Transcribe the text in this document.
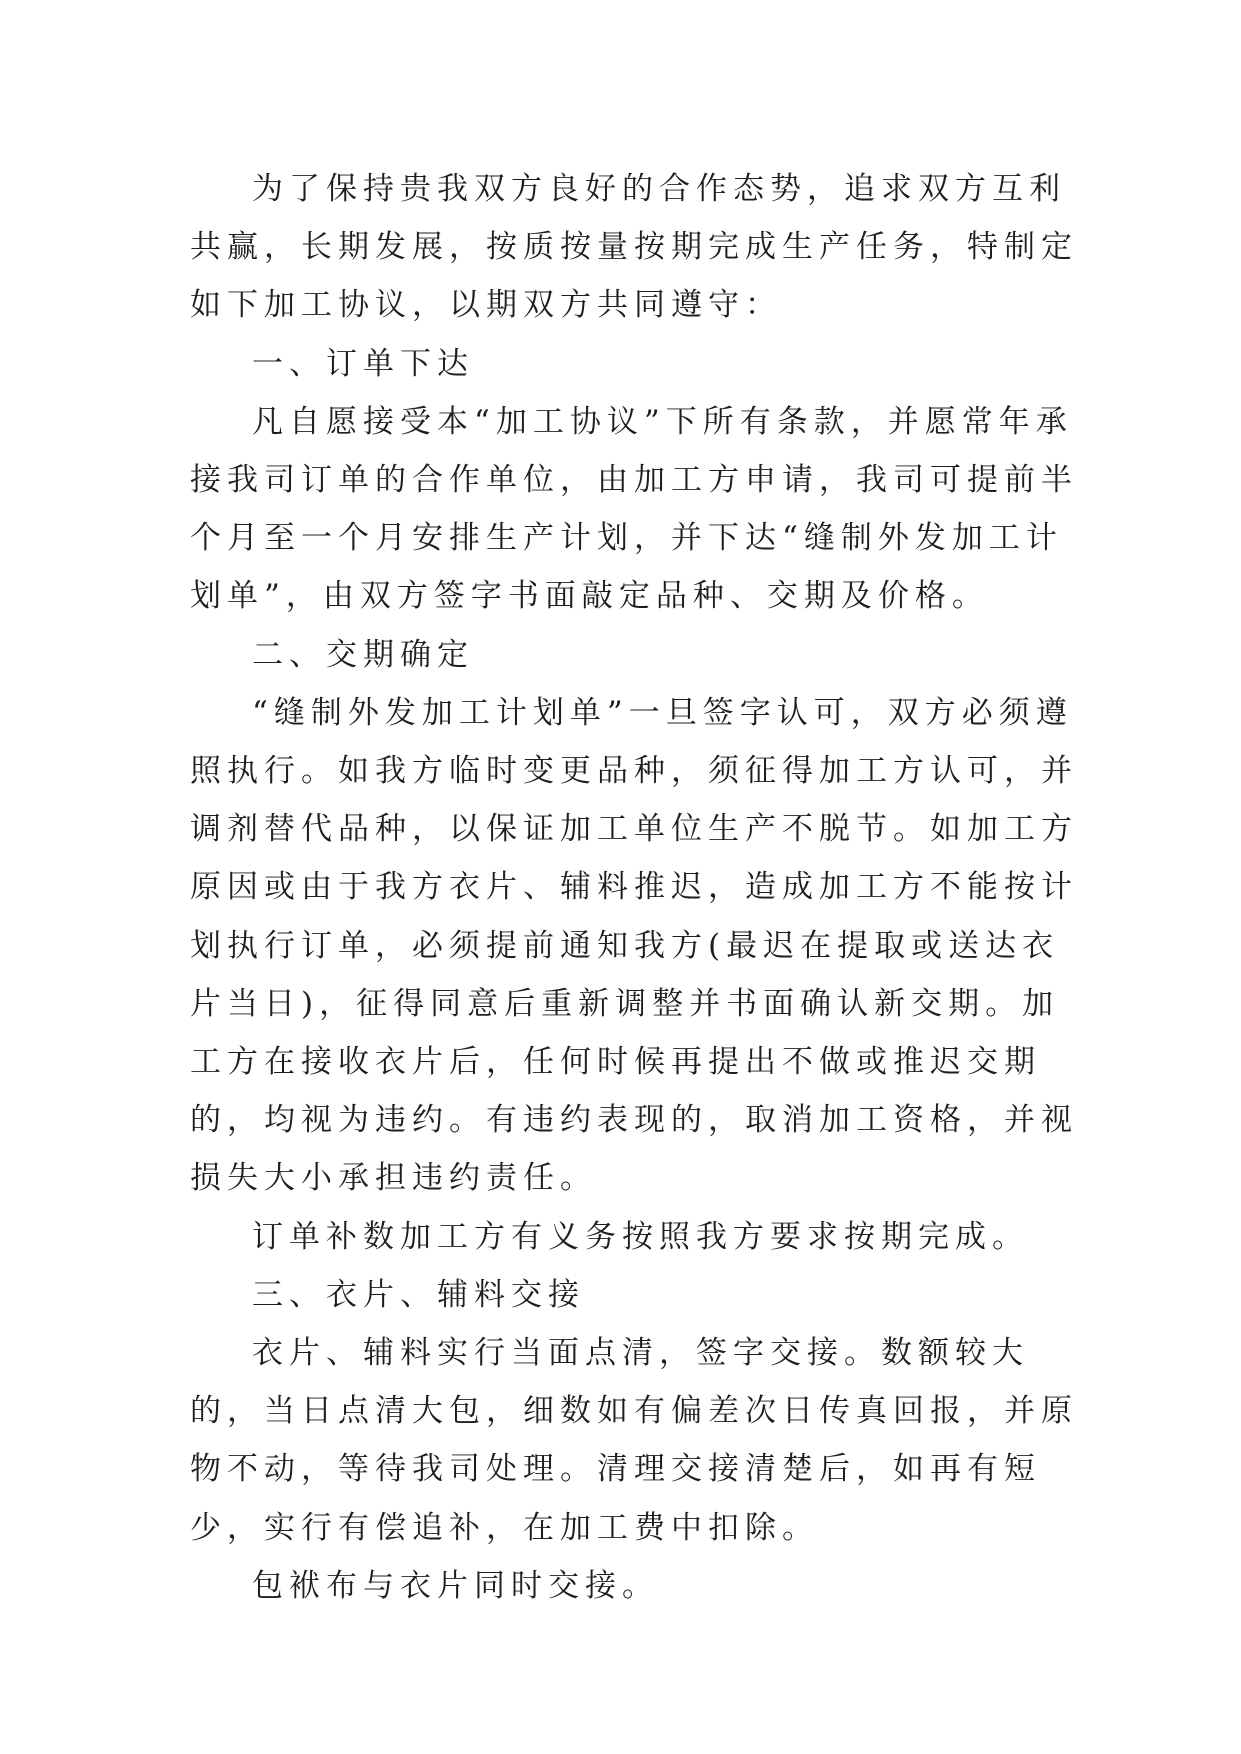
为了保持贵我双方良好的合作态势，追求双方互利共赢，长期发展，按质按量按期完成生产任务，特制定如下加工协议，以期双方共同遵守：

一、订单下达

凡自愿接受本“加工协议”下所有条款，并愿常年承接我司订单的合作单位，由加工方申请，我司可提前半个月至一个月安排生产计划，并下达“缝制外发加工计划单”，由双方签字书面敲定品种、交期及价格。

二、交期确定

“缝制外发加工计划单”一旦签字认可，双方必须遵照执行。如我方临时变更品种，须征得加工方认可，并调剂替代品种，以保证加工单位生产不脱节。如加工方原因或由于我方衣片、辅料推迟，造成加工方不能按计划执行订单，必须提前通知我方(最迟在提取或送达衣片当日)，征得同意后重新调整并书面确认新交期。加工方在接收衣片后，任何时候再提出不做或推迟交期的，均视为违约。有违约表现的，取消加工资格，并视损失大小承担违约责任。

订单补数加工方有义务按照我方要求按期完成。

三、衣片、辅料交接

衣片、辅料实行当面点清，签字交接。数额较大的，当日点清大包，细数如有偏差次日传真回报，并原物不动，等待我司处理。清理交接清楚后，如再有短少，实行有偿追补，在加工费中扣除。

包袱布与衣片同时交接。
